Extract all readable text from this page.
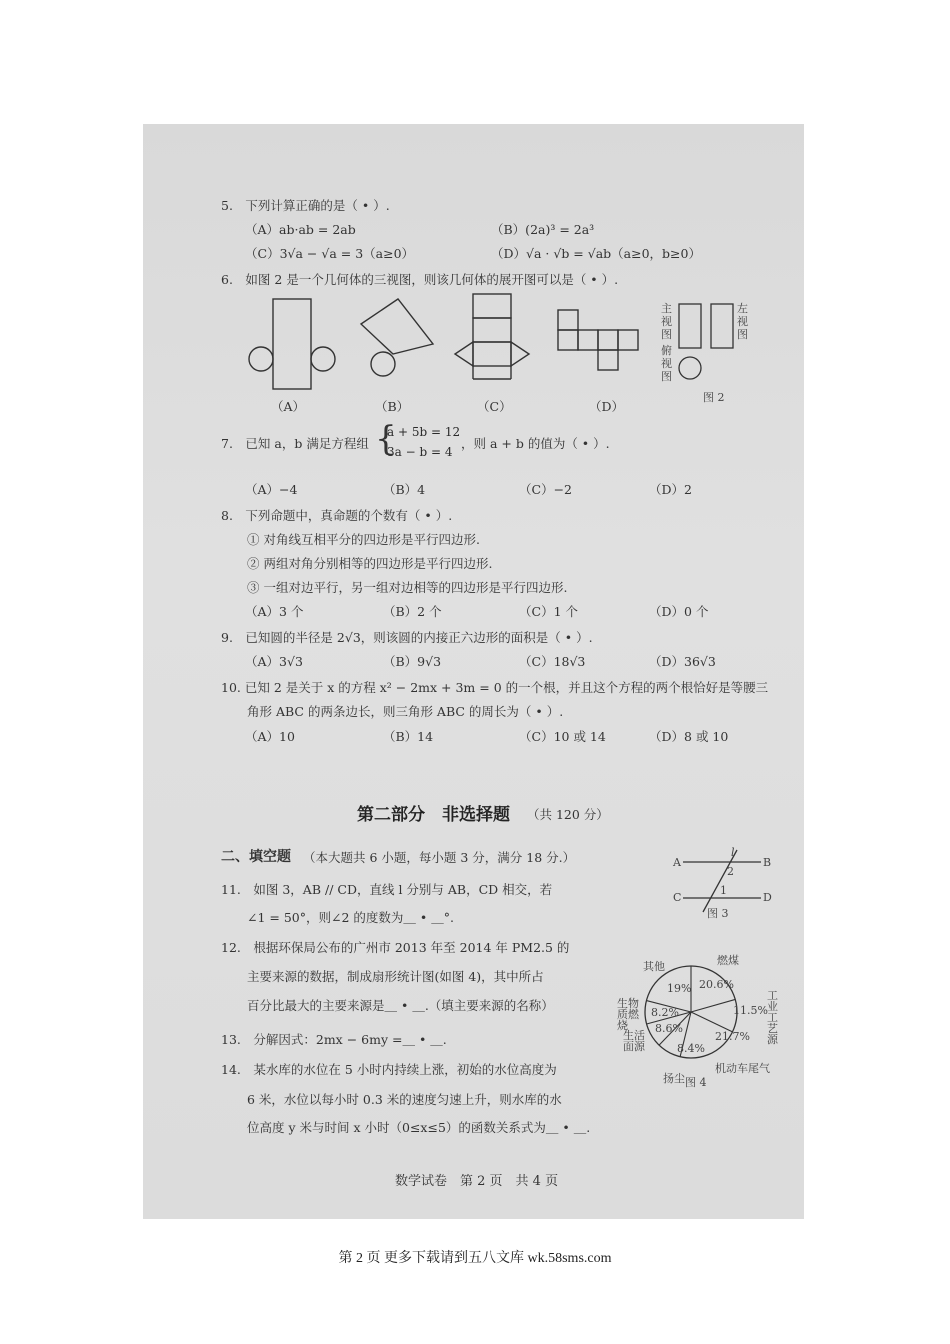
5.　下列计算正确的是（ • ）.
（A）ab·ab = 2ab	（B）(2a)³ = 2a³
（C）3√a − √a = 3（a≥0）	（D）√a · √b = √ab（a≥0，b≥0）
6.　如图 2 是一个几何体的三视图，则该几何体的展开图可以是（ • ）.
（A）	（B）	（C）	（D）
主视图
左视图
俯视图
图 2
7.　已知 a，b 满足方程组 {
a + 5b = 12
3a − b = 4
，则 a + b 的值为（ • ）.
（A）−4	（B）4	（C）−2	（D）2
8.　下列命题中，真命题的个数有（ • ）.
① 对角线互相平分的四边形是平行四边形.
② 两组对角分别相等的四边形是平行四边形.
③ 一组对边平行，另一组对边相等的四边形是平行四边形.
（A）3 个	（B）2 个	（C）1 个	（D）0 个
9.　已知圆的半径是 2√3，则该圆的内接正六边形的面积是（ • ）.
（A）3√3	（B）9√3	（C）18√3	（D）36√3
10. 已知 2 是关于 x 的方程 x² − 2mx + 3m = 0 的一个根，并且这个方程的两个根恰好是等腰三
角形 ABC 的两条边长，则三角形 ABC 的周长为（ • ）.
（A）10	（B）14	（C）10 或 14	（D）8 或 10
第二部分　非选择题 （共 120 分）
二、填空题 （本大题共 6 小题，每小题 3 分，满分 18 分.）
11.　如图 3，AB // CD，直线 l 分别与 AB，CD 相交，若
∠1 = 50°，则∠2 的度数为＿ • ＿°.
A	B
C	D
l
2
1
图 3
12.　根据环保局公布的广州市 2013 年至 2014 年 PM2.5 的
主要来源的数据，制成扇形统计图(如图 4)，其中所占
百分比最大的主要来源是＿ • ＿.（填主要来源的名称）
燃煤
工业工艺源
机动车尾气
扬尘
生活面源
生物质燃烧
其他
20.6%
11.5%
21.7%
8.4%
8.6%
8.2%
19%
图 4
13.　分解因式：2mx − 6my =＿ • ＿.
14.　某水库的水位在 5 小时内持续上涨，初始的水位高度为
6 米，水位以每小时 0.3 米的速度匀速上升，则水库的水
位高度 y 米与时间 x 小时（0≤x≤5）的函数关系式为＿ • ＿.
数学试卷　第 2 页　共 4 页
第 2 页 更多下载请到五八文库 wk.58sms.com
